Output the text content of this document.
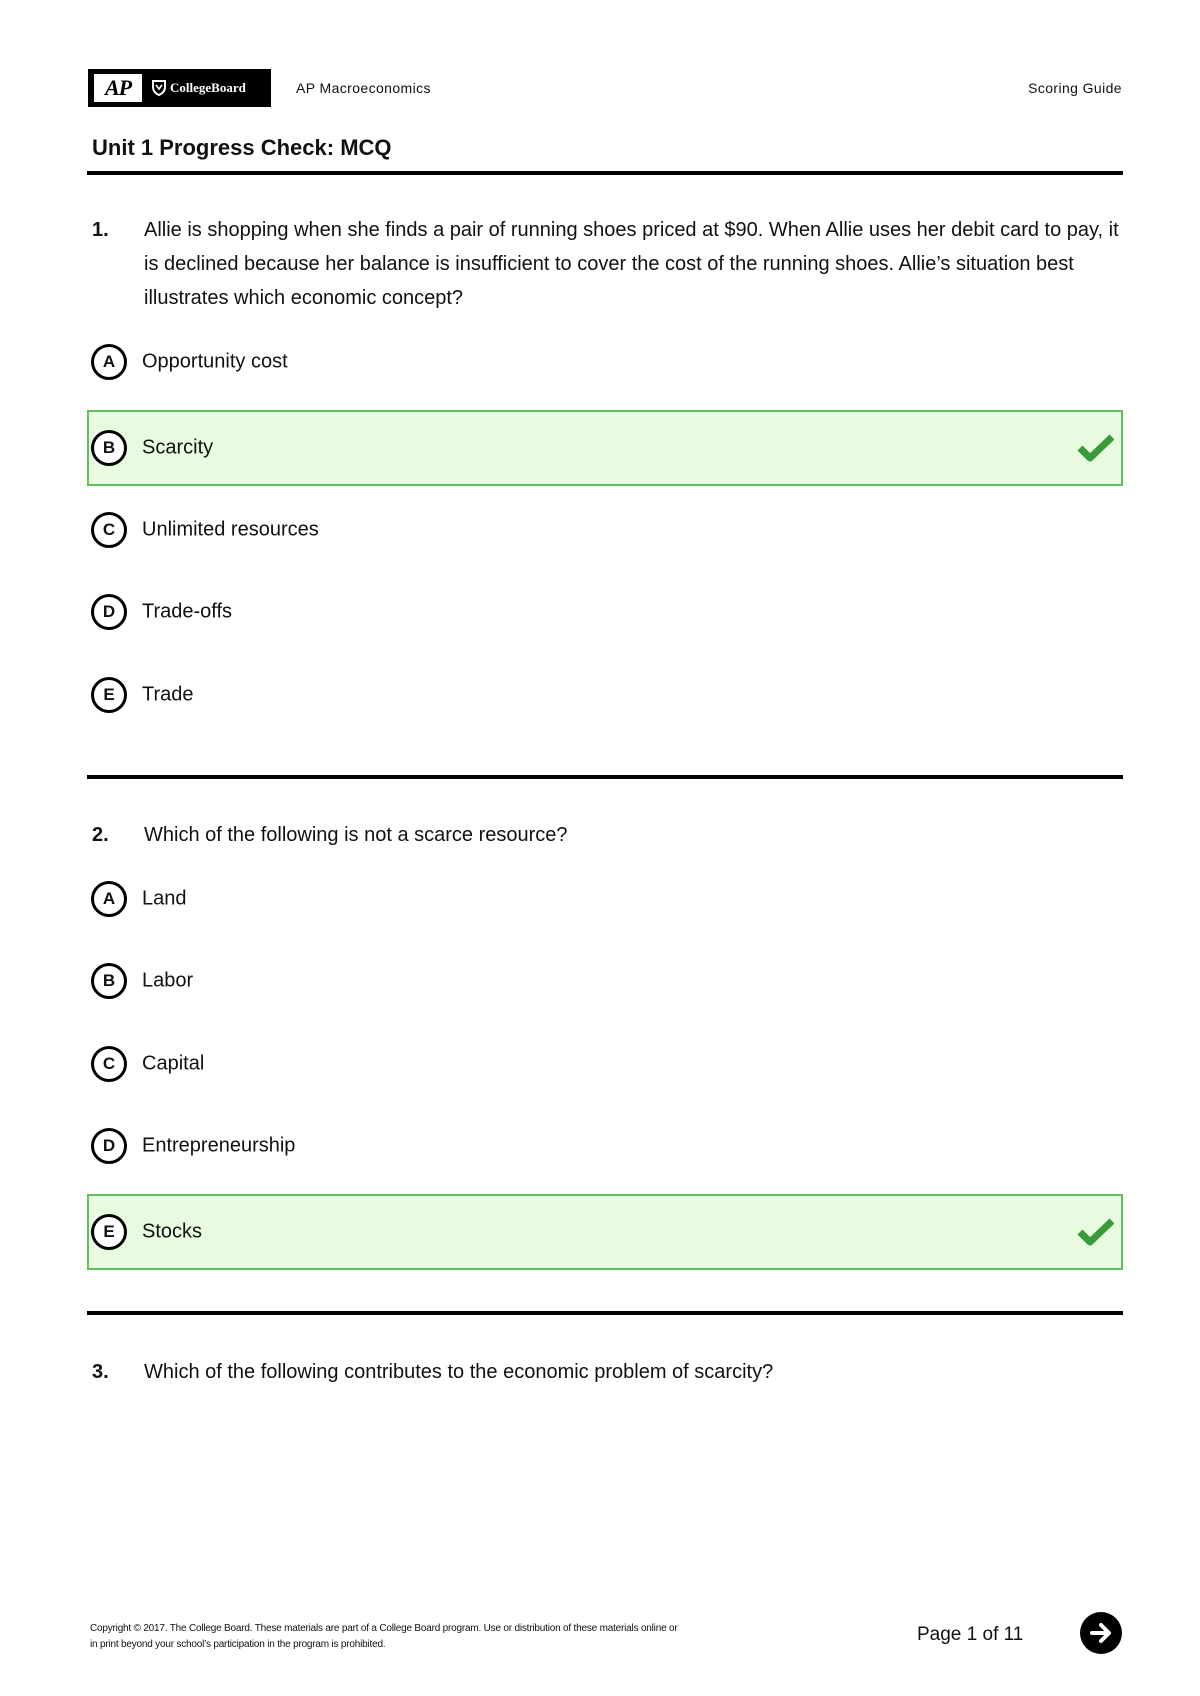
AP	CollegeBoard	AP Macroeconomics	Scoring Guide
Unit 1 Progress Check: MCQ
1. Allie is shopping when she finds a pair of running shoes priced at $90. When Allie uses her debit card to pay, it is declined because her balance is insufficient to cover the cost of the running shoes. Allie’s situation best illustrates which economic concept?
A	Opportunity cost
B	Scarcity
C	Unlimited resources
D	Trade-offs
E	Trade
2. Which of the following is not a scarce resource?
A	Land
B	Labor
C	Capital
D	Entrepreneurship
E	Stocks
3. Which of the following contributes to the economic problem of scarcity?
Copyright © 2017. The College Board. These materials are part of a College Board program. Use or distribution of these materials online or
in print beyond your school’s participation in the program is prohibited.	Page 1 of 11
